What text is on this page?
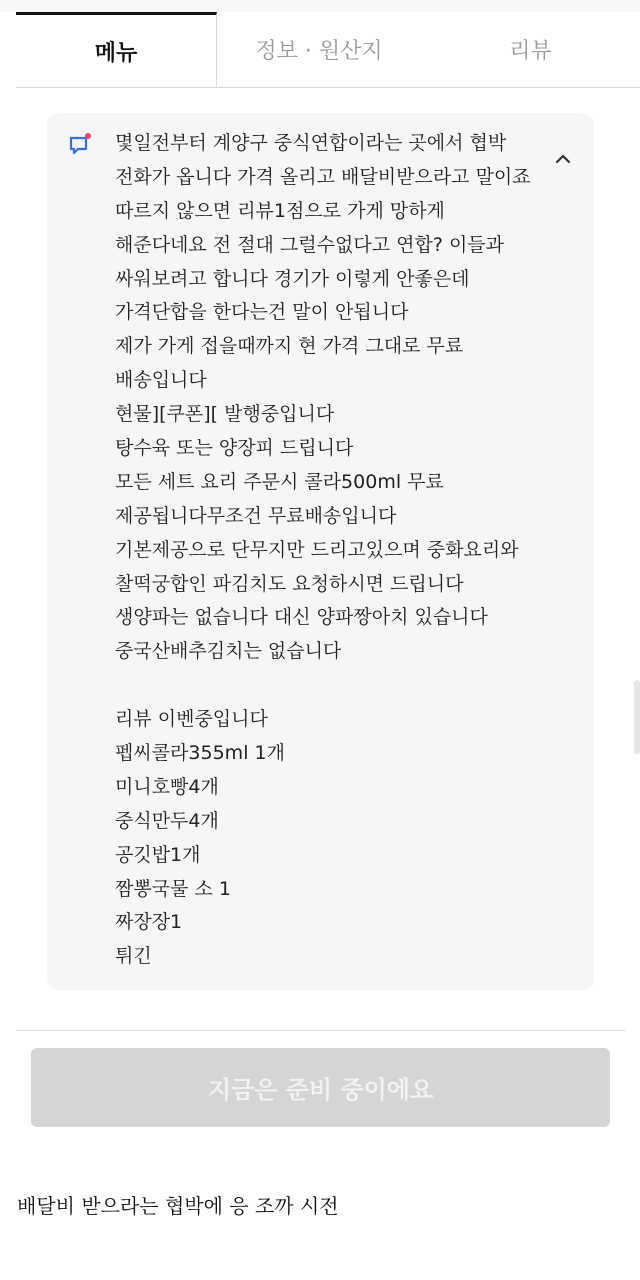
메뉴	정보 · 원산지	리뷰
몇일전부터 계양구 중식연합이라는 곳에서 협박
전화가 옵니다 가격 올리고 배달비받으라고 말이죠
따르지 않으면 리뷰1점으로 가게 망하게
해준다네요 전 절대 그럴수없다고 연합? 이들과
싸워보려고 합니다 경기가 이렇게 안좋은데
가격단합을 한다는건 말이 안됩니다
제가 가게 접을때까지 현 가격 그대로 무료
배송입니다
현물][쿠폰][ 발행중입니다
탕수육 또는 양장피 드립니다
모든 세트 요리 주문시 콜라500ml 무료
제공됩니다무조건 무료배송입니다
기본제공으로 단무지만 드리고있으며 중화요리와
찰떡궁합인 파김치도 요청하시면 드립니다
생양파는 없습니다 대신 양파짱아치 있습니다
중국산배추김치는 없습니다
리뷰 이벤중입니다
펩씨콜라355ml 1개
미니호빵4개
중식만두4개
공깃밥1개
짬뽕국물 소 1
짜장장1
튀긴
지금은 준비 중이에요
배달비 받으라는 협박에 응 조까 시전
